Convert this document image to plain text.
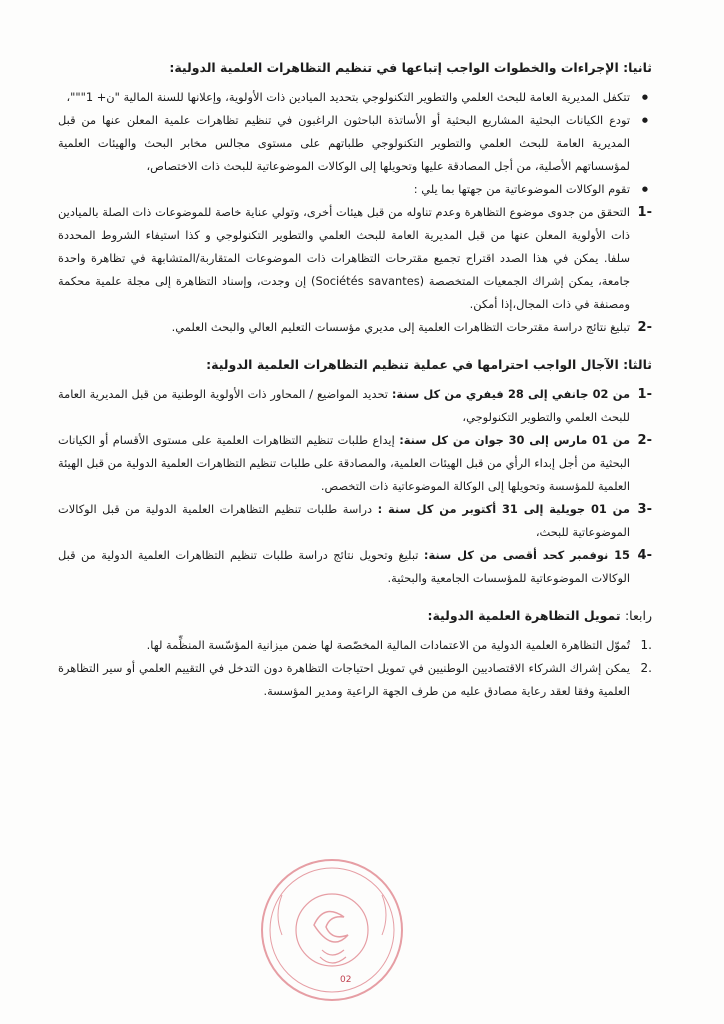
ثانيا: الإجراءات والخطوات الواجب إتباعها في تنظيم التظاهرات العلمية الدولية:
● تتكفل المديرية العامة للبحث العلمي والتطوير التكنولوجي بتحديد الميادين ذات الأولوية، وإعلانها للسنة المالية "ن+ 1"""،
● تودع الكيانات البحثية المشاريع البحثية أو الأساتذة الباحثون الراغبون في تنظيم تظاهرات علمية المعلن عنها من قبل المديرية العامة للبحث العلمي والتطوير التكنولوجي طلباتهم على مستوى مجالس مخابر البحث والهيئات العلمية لمؤسساتهم الأصلية، من أجل المصادقة عليها وتحويلها إلى الوكالات الموضوعاتية للبحث ذات الاختصاص،
● تقوم الوكالات الموضوعاتية من جهتها بما يلي :
1-
التحقق من جدوى موضوع التظاهرة وعدم تناوله من قبل هيئات أخرى، وتولي عناية خاصة للموضوعات ذات الصلة بالميادين ذات الأولوية المعلن عنها من قبل المديرية العامة للبحث العلمي والتطوير التكنولوجي و كذا استيفاء الشروط المحددة سلفا. يمكن في هذا الصدد اقتراح تجميع مقترحات التظاهرات ذات الموضوعات المتقاربة/المتشابهة في تظاهرة واحدة جامعة، يمكن إشراك الجمعيات المتخصصة (Sociétés savantes) إن وجدت، وإسناد التظاهرة إلى مجلة علمية محكمة ومصنفة في ذات المجال،إذا أمكن.
2-
تبليغ نتائج دراسة مقترحات التظاهرات العلمية إلى مديري مؤسسات التعليم العالي والبحث العلمي.
ثالثا: الآجال الواجب احترامها في عملية تنظيم التظاهرات العلمية الدولية:
1-
من 02 جانفي إلى 28 فيفري من كل سنة: تحديد المواضيع / المحاور ذات الأولوية الوطنية من قبل المديرية العامة للبحث العلمي والتطوير التكنولوجي،
2-
من 01 مارس إلى 30 جوان من كل سنة: إيداع طلبات تنظيم التظاهرات العلمية على مستوى الأقسام أو الكيانات البحثية من أجل إبداء الرأي من قبل الهيئات العلمية، والمصادقة على طلبات تنظيم التظاهرات العلمية الدولية من قبل الهيئة العلمية للمؤسسة وتحويلها إلى الوكالة الموضوعاتية ذات التخصص.
3-
من 01 جويلية إلى 31 أكتوبر من كل سنة : دراسة طلبات تنظيم التظاهرات العلمية الدولية من قبل الوكالات الموضوعاتية للبحث،
4-
15 نوفمبر كحد أقصى من كل سنة: تبليغ وتحويل نتائج دراسة طلبات تنظيم التظاهرات العلمية الدولية من قبل الوكالات الموضوعاتية للمؤسسات الجامعية والبحثية.
رابعا: تمويل التظاهرة العلمية الدولية:
1.
تُموّل التظاهرة العلمية الدولية من الاعتمادات المالية المخصّصة لها ضمن ميزانية المؤسّسة المنظِّمة لها.
2.
يمكن إشراك الشركاء الاقتصاديين الوطنيين في تمويل احتياجات التظاهرة دون التدخل في التقييم العلمي أو سير التظاهرة العلمية وفقا لعقد رعاية مصادق عليه من طرف الجهة الراعية ومدير المؤسسة.
02
